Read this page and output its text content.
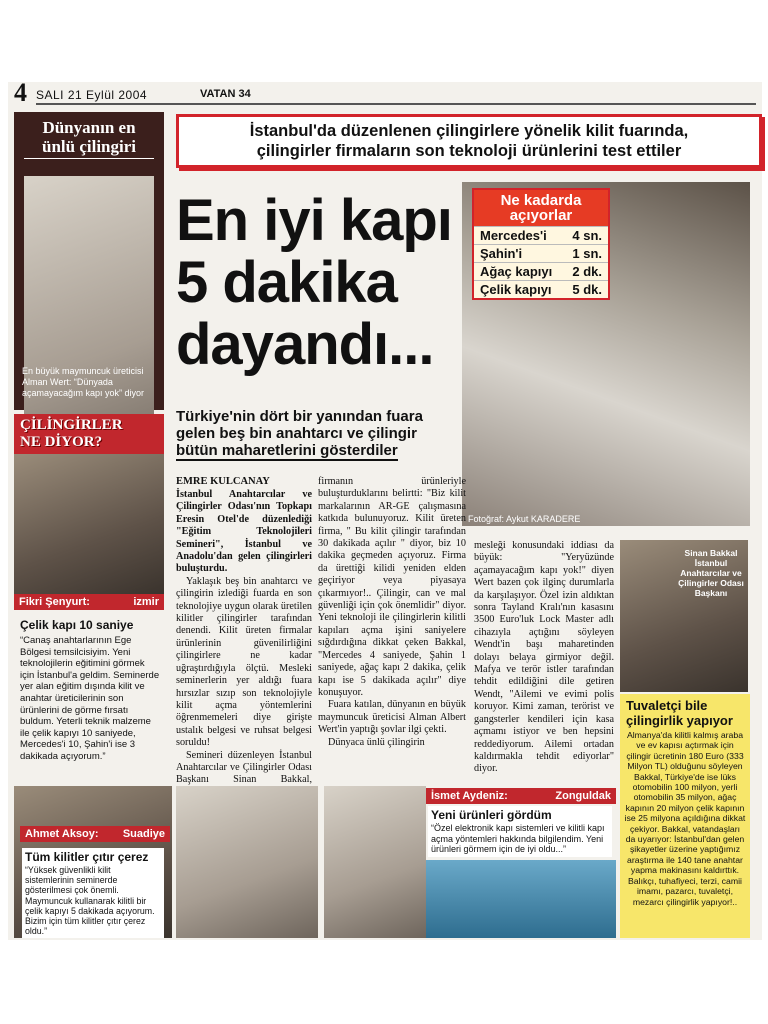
4 SALI 21 Eylül 2004	VATAN 34
Dünyanın en
ünlü çilingiri
En büyük maymuncuk üreticisi Alman Wert: “Dünyada açamayacağım kapı yok” diyor
ÇİLİNGİRLER
NE DİYOR?
Fikri Şenyurt:	izmir
Çelik kapı 10 saniye
“Canaş anahtarlarının Ege Bölgesi temsilcisiyim. Yeni teknolojilerin eğitimini görmek için İstanbul'a geldim. Seminerde yer alan eğitim dışında kilit ve anahtar üreticilerinin son ürünlerini de görme fırsatı buldum. Yeterli teknik malzeme ile çelik kapıyı 10 saniyede, Mercedes'i 10, Şahin'i ise 3 dakikada açıyorum.”
İstanbul'da düzenlenen çilingirlere yönelik kilit fuarında,
çilingirler firmaların son teknoloji ürünlerini test ettiler
En iyi kapı
5 dakika
dayandı...
Türkiye'nin dört bir yanından fuara
gelen beş bin anahtarcı ve çilingir
bütün maharetlerini gösterdiler
Fotoğraf: Aykut KARADERE
Ne kadarda
açıyorlar
Mercedes'i 4 sn.
Şahin'i	1 sn.
Ağaç kapıyı 2 dk.
Çelik kapıyı 5 dk.
EMRE KULCANAY
İstanbul Anahtarcılar ve Çilingirler Odası'nın Topkapı Eresin Otel'de düzenlediği "Eğitim Teknolojileri Semineri", İstanbul ve Anadolu'dan gelen çilingirleri buluşturdu.
Yaklaşık beş bin anahtarcı ve çilingirin izlediği fuarda en son teknolojiye uygun olarak üretilen kilitler çilingirler tarafından denendi. Kilit üreten firmalar ürünlerinin güvenilirliğini çilingirlere ne kadar uğraştırdığıyla ölçtü. Mesleki seminerlerin yer aldığı fuara hırsızlar sızıp son teknolojiyle kilit açma yöntemlerini öğrenmemeleri diye girişte ustalık belgesi ve ruhsat belgesi soruldu!
Semineri düzenleyen İstanbul Anahtarcılar ve Çilingirler Odası Başkanı Sinan Bakkal,
firmanın ürünleriyle buluşturduklarını belirtti: "Biz kilit markalarının AR-GE çalışmasına katkıda bulunuyoruz. Kilit üreten firma, " Bu kilit çilingir tarafından 30 dakikada açılır " diyor, biz 10 dakika geçmeden açıyoruz. Firma da ürettiği kilidi yeniden elden geçiriyor veya piyasaya çıkarmıyor!.. Çilingir, can ve mal güvenliği için çok önemlidir" diyor. Yeni teknoloji ile çilingirlerin kilitli kapıları açma işini saniyelere sığdırdığına dikkat çeken Bakkal, "Mercedes 4 saniyede, Şahin 1 saniyede, ağaç kapı 2 dakika, çelik kapı ise 5 dakikada açılır" diye konuşuyor.
Fuara katılan, dünyanın en büyük maymuncuk üreticisi Alman Albert Wert'in yaptığı şovlar ilgi çekti.
Dünyaca ünlü çilingirin
mesleği konusundaki iddiası da büyük: "Yeryüzünde açamayacağım kapı yok!" diyen Wert bazen çok ilginç durumlarla da karşılaşıyor. Özel izin aldıktan sonra Tayland Kralı'nın kasasını 3500 Euro'luk Lock Master adlı cihazıyla açtığını söyleyen Wendt'in başı maharetinden dolayı belaya girmiyor değil. Mafya ve terör istler tarafından tehdit edildiğini dile getiren Wendt, "Ailemi ve evimi polis koruyor. Kimi zaman, terörist ve gangsterler kendileri için kasa açmamı istiyor ve ben hepsini reddediyorum. Ailemi ortadan kaldırmakla tehdit ediyorlar" diyor.
Sinan Bakkal İstanbul Anahtarcılar ve Çilingirler Odası Başkanı
Tuvaletçi bile
çilingirlik yapıyor
Almanya'da kilitli kalmış araba ve ev kapısı açtırmak için çilingir ücretinin 180 Euro (333 Milyon TL) olduğunu söyleyen Bakkal, Türkiye'de ise lüks otomobilin 100 milyon, yerli otomobilin 35 milyon, ağaç kapının 20 milyon çelik kapının ise 25 milyona açıldığına dikkat çekiyor. Bakkal, vatandaşları da uyarıyor: İstanbul'dan gelen şikayetler üzerine yaptığımız araştırma ile 140 tane anahtar yapma makinasını kaldırttık. Balıkçı, tuhafiyeci, terzi, camii imamı, pazarcı, tuvaletçi, mezarcı çilingirlik yapıyor!..
Ahmet Aksoy: Suadiye
Tüm kilitler çıtır çerez
“Yüksek güvenlikli kilit sistemlerinin seminerde gösterilmesi çok önemli. Maymuncuk kullanarak kilitli bir çelik kapıyı 5 dakikada açıyorum. Bizim için tüm kilitler çıtır çerez oldu.”
İsmet Aydeniz:	Zonguldak
Yeni ürünleri gördüm
“Özel elektronik kapı sistemleri ve kilitli kapı açma yöntemleri hakkında bilgilendim. Yeni ürünleri görmem için de iyi oldu...”
